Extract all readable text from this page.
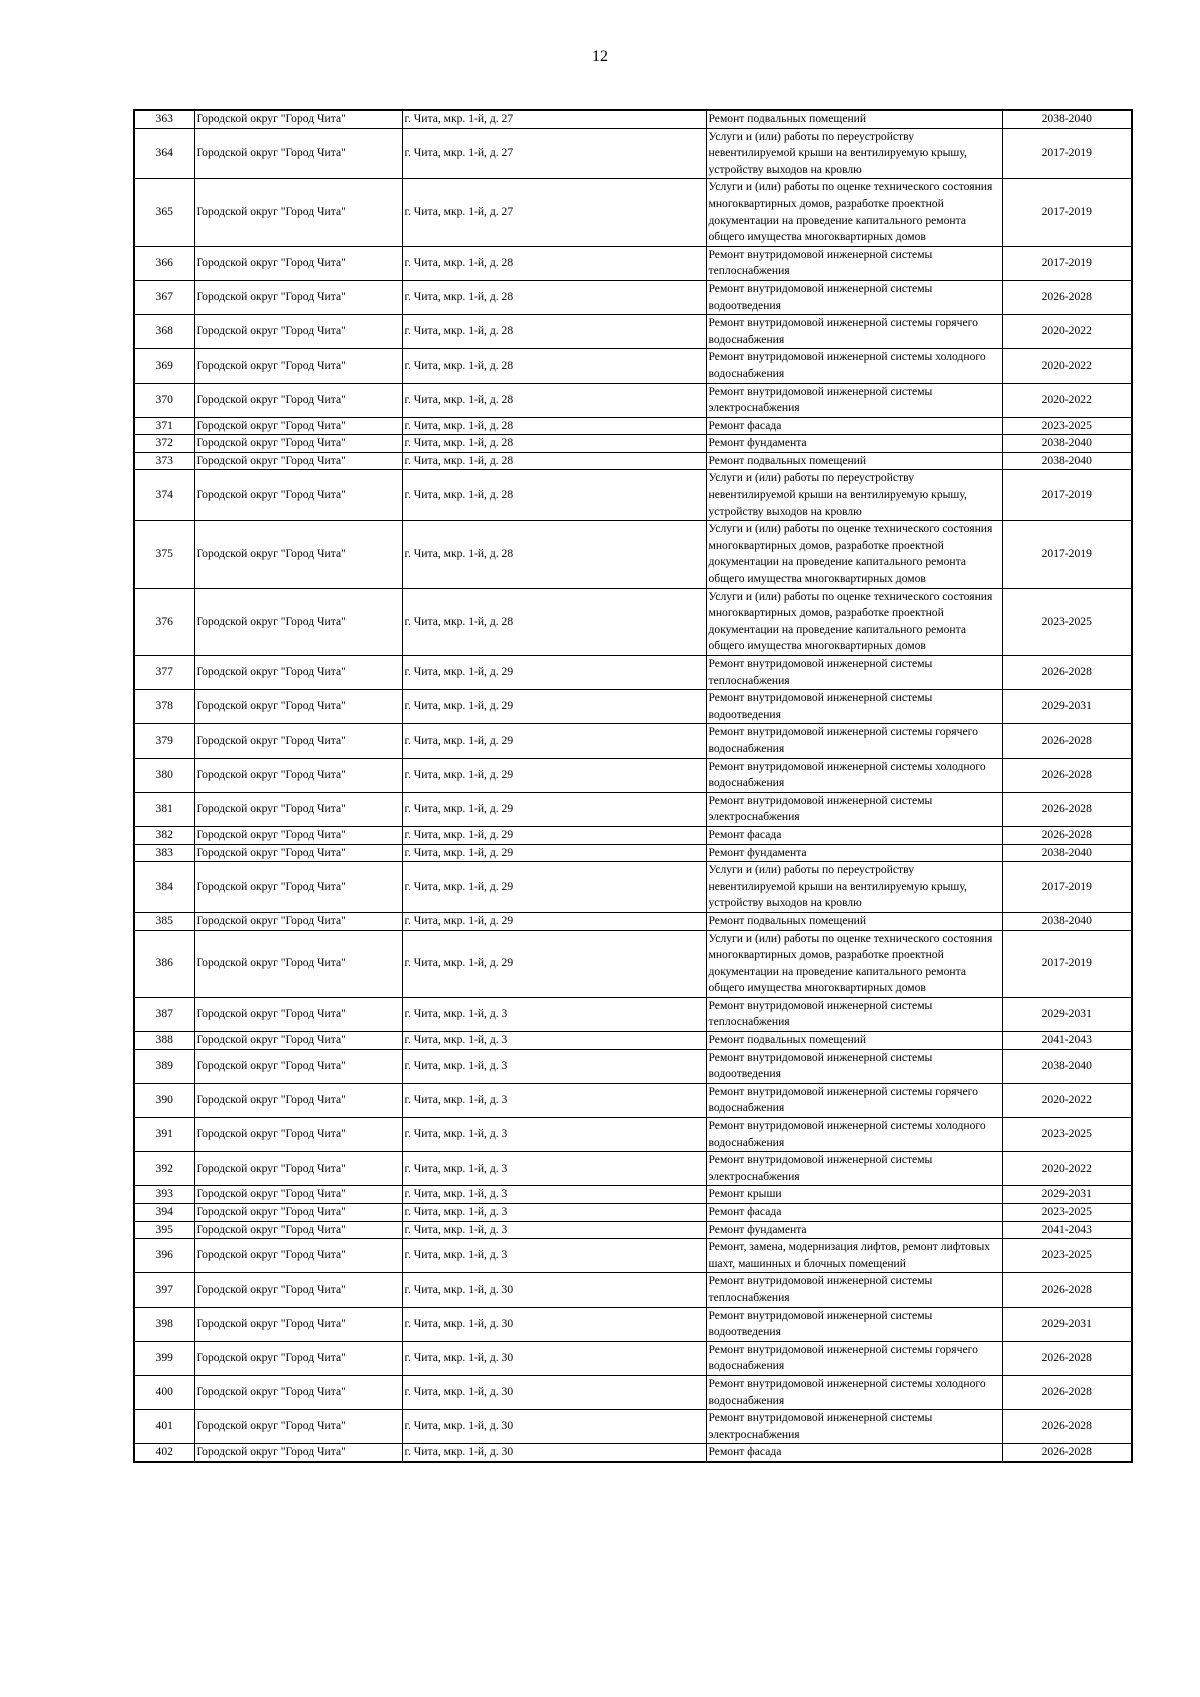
12
363	Городской округ "Город Чита"	г. Чита, мкр. 1-й, д. 27	Ремонт подвальных помещений	2038-2040
364	Городской округ "Город Чита"	г. Чита, мкр. 1-й, д. 27	Услуги и (или) работы по переустройству невентилируемой крыши на вентилируемую крышу, устройству выходов на кровлю	2017-2019
365	Городской округ "Город Чита"	г. Чита, мкр. 1-й, д. 27	Услуги и (или) работы по оценке технического состояния многоквартирных домов, разработке проектной документации на проведение капитального ремонта общего имущества многоквартирных домов	2017-2019
366	Городской округ "Город Чита"	г. Чита, мкр. 1-й, д. 28	Ремонт внутридомовой инженерной системы теплоснабжения	2017-2019
367	Городской округ "Город Чита"	г. Чита, мкр. 1-й, д. 28	Ремонт внутридомовой инженерной системы водоотведения	2026-2028
368	Городской округ "Город Чита"	г. Чита, мкр. 1-й, д. 28	Ремонт внутридомовой инженерной системы горячего водоснабжения	2020-2022
369	Городской округ "Город Чита"	г. Чита, мкр. 1-й, д. 28	Ремонт внутридомовой инженерной системы холодного водоснабжения	2020-2022
370	Городской округ "Город Чита"	г. Чита, мкр. 1-й, д. 28	Ремонт внутридомовой инженерной системы электроснабжения	2020-2022
371	Городской округ "Город Чита"	г. Чита, мкр. 1-й, д. 28	Ремонт фасада	2023-2025
372	Городской округ "Город Чита"	г. Чита, мкр. 1-й, д. 28	Ремонт фундамента	2038-2040
373	Городской округ "Город Чита"	г. Чита, мкр. 1-й, д. 28	Ремонт подвальных помещений	2038-2040
374	Городской округ "Город Чита"	г. Чита, мкр. 1-й, д. 28	Услуги и (или) работы по переустройству невентилируемой крыши на вентилируемую крышу, устройству выходов на кровлю	2017-2019
375	Городской округ "Город Чита"	г. Чита, мкр. 1-й, д. 28	Услуги и (или) работы по оценке технического состояния многоквартирных домов, разработке проектной документации на проведение капитального ремонта общего имущества многоквартирных домов	2017-2019
376	Городской округ "Город Чита"	г. Чита, мкр. 1-й, д. 28	Услуги и (или) работы по оценке технического состояния многоквартирных домов, разработке проектной документации на проведение капитального ремонта общего имущества многоквартирных домов	2023-2025
377	Городской округ "Город Чита"	г. Чита, мкр. 1-й, д. 29	Ремонт внутридомовой инженерной системы теплоснабжения	2026-2028
378	Городской округ "Город Чита"	г. Чита, мкр. 1-й, д. 29	Ремонт внутридомовой инженерной системы водоотведения	2029-2031
379	Городской округ "Город Чита"	г. Чита, мкр. 1-й, д. 29	Ремонт внутридомовой инженерной системы горячего водоснабжения	2026-2028
380	Городской округ "Город Чита"	г. Чита, мкр. 1-й, д. 29	Ремонт внутридомовой инженерной системы холодного водоснабжения	2026-2028
381	Городской округ "Город Чита"	г. Чита, мкр. 1-й, д. 29	Ремонт внутридомовой инженерной системы электроснабжения	2026-2028
382	Городской округ "Город Чита"	г. Чита, мкр. 1-й, д. 29	Ремонт фасада	2026-2028
383	Городской округ "Город Чита"	г. Чита, мкр. 1-й, д. 29	Ремонт фундамента	2038-2040
384	Городской округ "Город Чита"	г. Чита, мкр. 1-й, д. 29	Услуги и (или) работы по переустройству невентилируемой крыши на вентилируемую крышу, устройству выходов на кровлю	2017-2019
385	Городской округ "Город Чита"	г. Чита, мкр. 1-й, д. 29	Ремонт подвальных помещений	2038-2040
386	Городской округ "Город Чита"	г. Чита, мкр. 1-й, д. 29	Услуги и (или) работы по оценке технического состояния многоквартирных домов, разработке проектной документации на проведение капитального ремонта общего имущества многоквартирных домов	2017-2019
387	Городской округ "Город Чита"	г. Чита, мкр. 1-й, д. 3	Ремонт внутридомовой инженерной системы теплоснабжения	2029-2031
388	Городской округ "Город Чита"	г. Чита, мкр. 1-й, д. 3	Ремонт подвальных помещений	2041-2043
389	Городской округ "Город Чита"	г. Чита, мкр. 1-й, д. 3	Ремонт внутридомовой инженерной системы водоотведения	2038-2040
390	Городской округ "Город Чита"	г. Чита, мкр. 1-й, д. 3	Ремонт внутридомовой инженерной системы горячего водоснабжения	2020-2022
391	Городской округ "Город Чита"	г. Чита, мкр. 1-й, д. 3	Ремонт внутридомовой инженерной системы холодного водоснабжения	2023-2025
392	Городской округ "Город Чита"	г. Чита, мкр. 1-й, д. 3	Ремонт внутридомовой инженерной системы электроснабжения	2020-2022
393	Городской округ "Город Чита"	г. Чита, мкр. 1-й, д. 3	Ремонт крыши	2029-2031
394	Городской округ "Город Чита"	г. Чита, мкр. 1-й, д. 3	Ремонт фасада	2023-2025
395	Городской округ "Город Чита"	г. Чита, мкр. 1-й, д. 3	Ремонт фундамента	2041-2043
396	Городской округ "Город Чита"	г. Чита, мкр. 1-й, д. 3	Ремонт, замена, модернизация лифтов, ремонт лифтовых шахт, машинных и блочных помещений	2023-2025
397	Городской округ "Город Чита"	г. Чита, мкр. 1-й, д. 30	Ремонт внутридомовой инженерной системы теплоснабжения	2026-2028
398	Городской округ "Город Чита"	г. Чита, мкр. 1-й, д. 30	Ремонт внутридомовой инженерной системы водоотведения	2029-2031
399	Городской округ "Город Чита"	г. Чита, мкр. 1-й, д. 30	Ремонт внутридомовой инженерной системы горячего водоснабжения	2026-2028
400	Городской округ "Город Чита"	г. Чита, мкр. 1-й, д. 30	Ремонт внутридомовой инженерной системы холодного водоснабжения	2026-2028
401	Городской округ "Город Чита"	г. Чита, мкр. 1-й, д. 30	Ремонт внутридомовой инженерной системы электроснабжения	2026-2028
402	Городской округ "Город Чита"	г. Чита, мкр. 1-й, д. 30	Ремонт фасада	2026-2028
